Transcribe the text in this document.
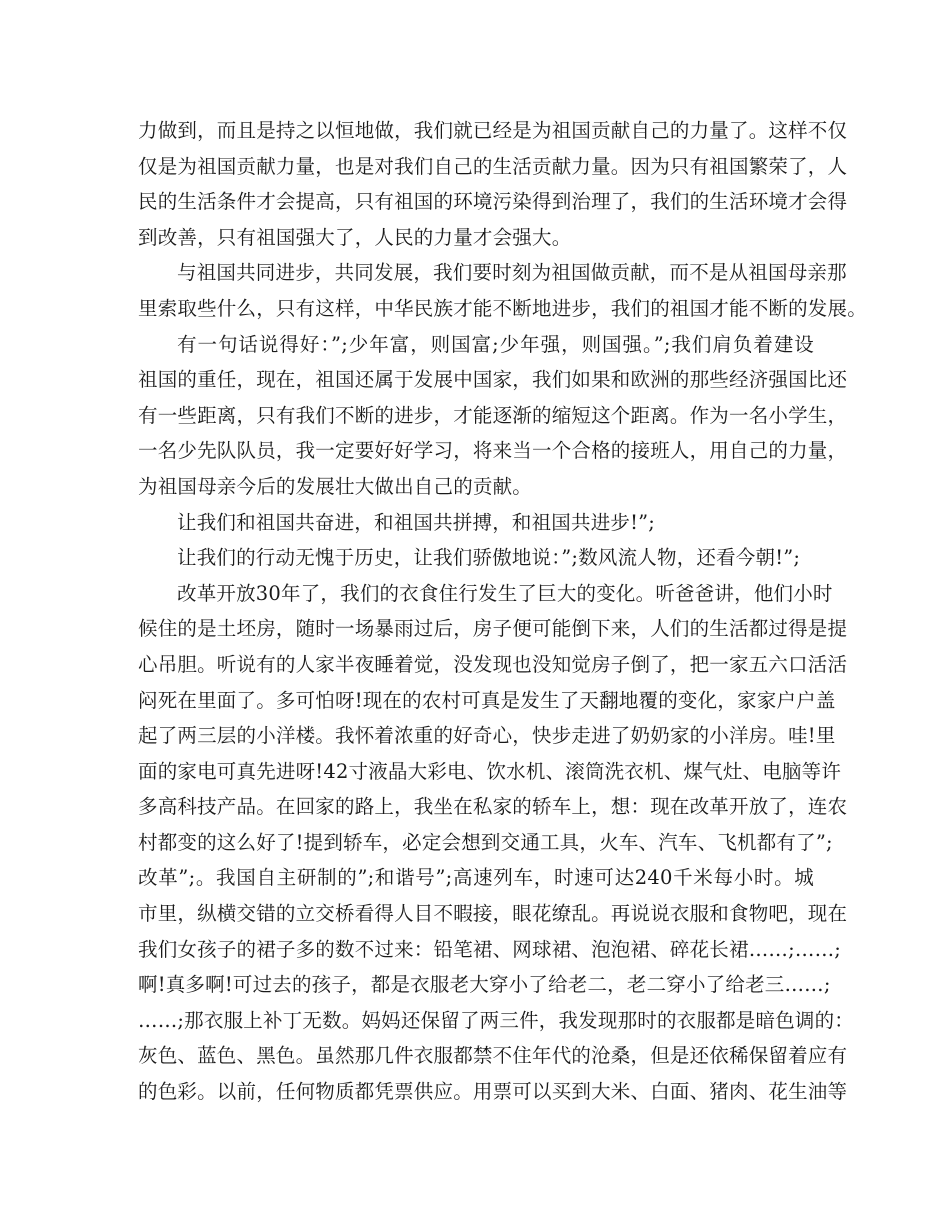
力做到，而且是持之以恒地做，我们就已经是为祖国贡献自己的力量了。这样不仅
仅是为祖国贡献力量，也是对我们自己的生活贡献力量。因为只有祖国繁荣了，人
民的生活条件才会提高，只有祖国的环境污染得到治理了，我们的生活环境才会得
到改善，只有祖国强大了，人民的力量才会强大。
与祖国共同进步，共同发展，我们要时刻为祖国做贡献，而不是从祖国母亲那
里索取些什么，只有这样，中华民族才能不断地进步，我们的祖国才能不断的发展。
有一句话说得好：”;少年富，则国富;少年强，则国强。”;我们肩负着建设
祖国的重任，现在，祖国还属于发展中国家，我们如果和欧洲的那些经济强国比还
有一些距离，只有我们不断的进步，才能逐渐的缩短这个距离。作为一名小学生，
一名少先队队员，我一定要好好学习，将来当一个合格的接班人，用自己的力量，
为祖国母亲今后的发展壮大做出自己的贡献。
让我们和祖国共奋进，和祖国共拼搏，和祖国共进步!”;
让我们的行动无愧于历史，让我们骄傲地说：”;数风流人物，还看今朝!”;
改革开放30年了，我们的衣食住行发生了巨大的变化。听爸爸讲，他们小时
候住的是土坯房，随时一场暴雨过后，房子便可能倒下来，人们的生活都过得是提
心吊胆。听说有的人家半夜睡着觉，没发现也没知觉房子倒了，把一家五六口活活
闷死在里面了。多可怕呀!现在的农村可真是发生了天翻地覆的变化，家家户户盖
起了两三层的小洋楼。我怀着浓重的好奇心，快步走进了奶奶家的小洋房。哇!里
面的家电可真先进呀!42寸液晶大彩电、饮水机、滚筒洗衣机、煤气灶、电脑等许
多高科技产品。在回家的路上，我坐在私家的轿车上，想：现在改革开放了，连农
村都变的这么好了!提到轿车，必定会想到交通工具，火车、汽车、飞机都有了”;
改革”;。我国自主研制的”;和谐号”;高速列车，时速可达240千米每小时。城
市里，纵横交错的立交桥看得人目不暇接，眼花缭乱。再说说衣服和食物吧，现在
我们女孩子的裙子多的数不过来：铅笔裙、网球裙、泡泡裙、碎花长裙……;……;
啊!真多啊!可过去的孩子，都是衣服老大穿小了给老二，老二穿小了给老三……;
……;那衣服上补丁无数。妈妈还保留了两三件，我发现那时的衣服都是暗色调的：
灰色、蓝色、黑色。虽然那几件衣服都禁不住年代的沧桑，但是还依稀保留着应有
的色彩。以前，任何物质都凭票供应。用票可以买到大米、白面、猪肉、花生油等
